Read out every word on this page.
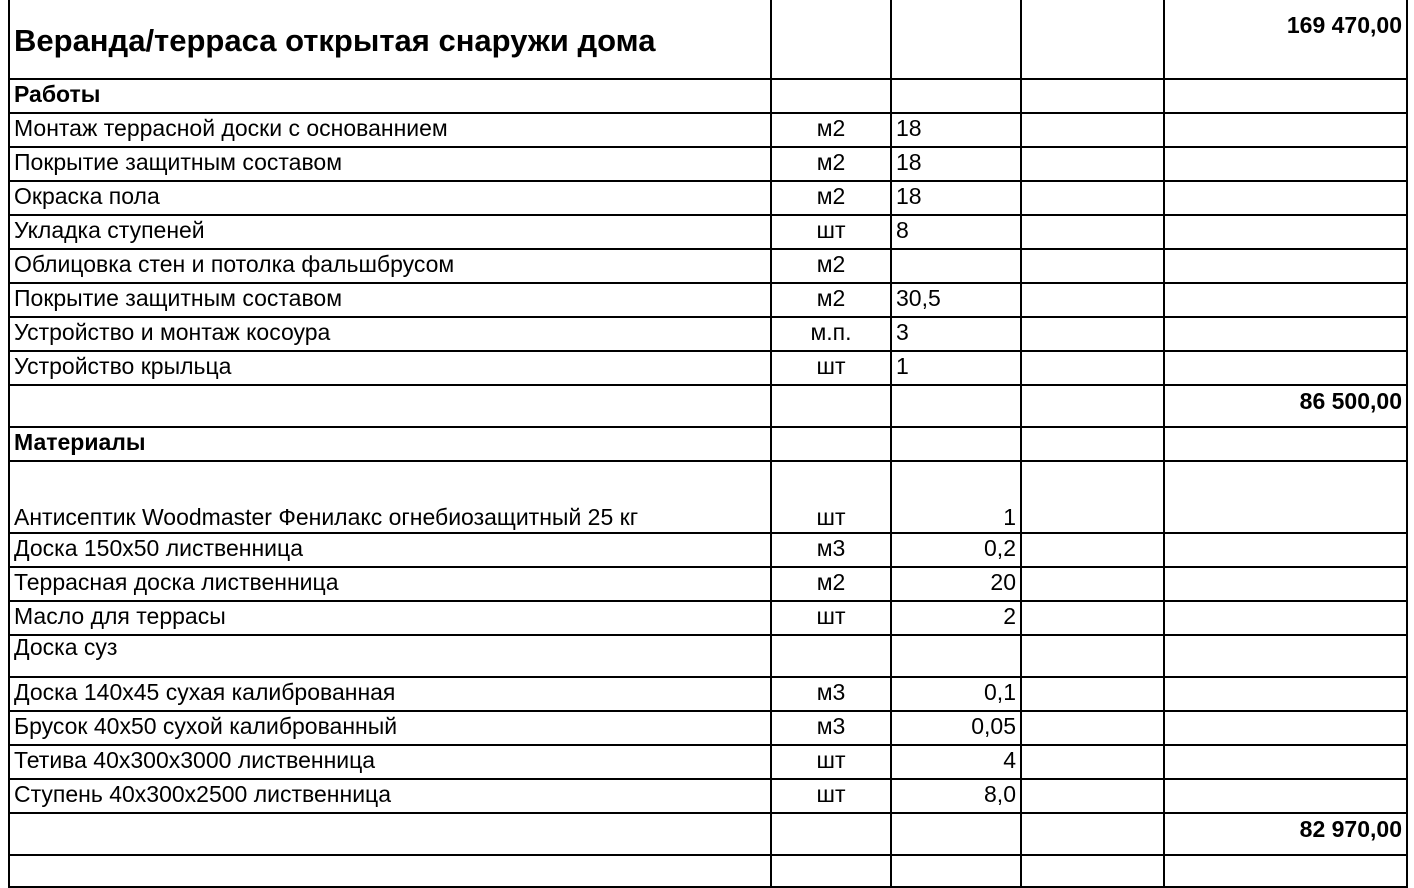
Веранда/терраса открытая снаружи дома				169 470,00
Работы				
Монтаж террасной доски с основаннием	м2	18		
Покрытие защитным составом	м2	18		
Окраска пола	м2	18		
Укладка ступеней	шт	8		
Облицовка стен и потолка фальшбрусом	м2			
Покрытие защитным составом	м2	30,5		
Устройство и монтаж косоура	м.п.	3		
Устройство крыльца	шт	1		
				86 500,00
Материалы				
Антисептик Woodmaster Фенилакс огнебиозащитный 25 кг	шт	1		
Доска 150х50 лиственница	м3	0,2		
Террасная доска лиственница	м2	20		
Масло для террасы	шт	2		
Доска суз				
Доска 140х45 сухая калиброванная	м3	0,1		
Брусок 40х50 сухой калиброванный	м3	0,05		
Тетива 40х300х3000 лиственница	шт	4		
Ступень 40х300х2500 лиственница	шт	8,0		
				82 970,00
